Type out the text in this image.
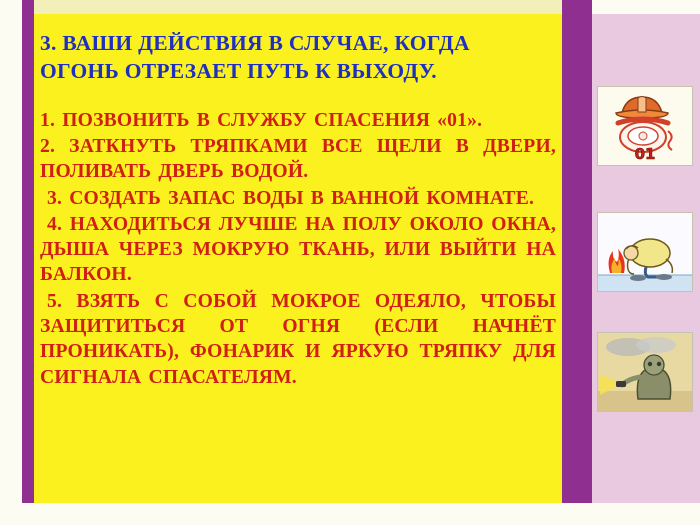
3. ВАШИ ДЕЙСТВИЯ В СЛУЧАЕ, КОГДА ОГОНЬ ОТРЕЗАЕТ ПУТЬ К ВЫХОДУ.
1. ПОЗВОНИТЬ В СЛУЖБУ СПАСЕНИЯ «01».
2. ЗАТКНУТЬ ТРЯПКАМИ ВСЕ ЩЕЛИ В ДВЕРИ, ПОЛИВАТЬ ДВЕРЬ ВОДОЙ.
3. СОЗДАТЬ ЗАПАС ВОДЫ В ВАННОЙ КОМНАТЕ.
4. НАХОДИТЬСЯ ЛУЧШЕ НА ПОЛУ ОКОЛО ОКНА, ДЫША ЧЕРЕЗ МОКРУЮ ТКАНЬ, ИЛИ ВЫЙТИ НА БАЛКОН.
5. ВЗЯТЬ С СОБОЙ МОКРОЕ ОДЕЯЛО, ЧТОБЫ ЗАЩИТИТЬСЯ ОТ ОГНЯ (ЕСЛИ НАЧНЁТ ПРОНИКАТЬ), ФОНАРИК И ЯРКУЮ ТРЯПКУ ДЛЯ СИГНАЛА СПАСАТЕЛЯМ.
01
